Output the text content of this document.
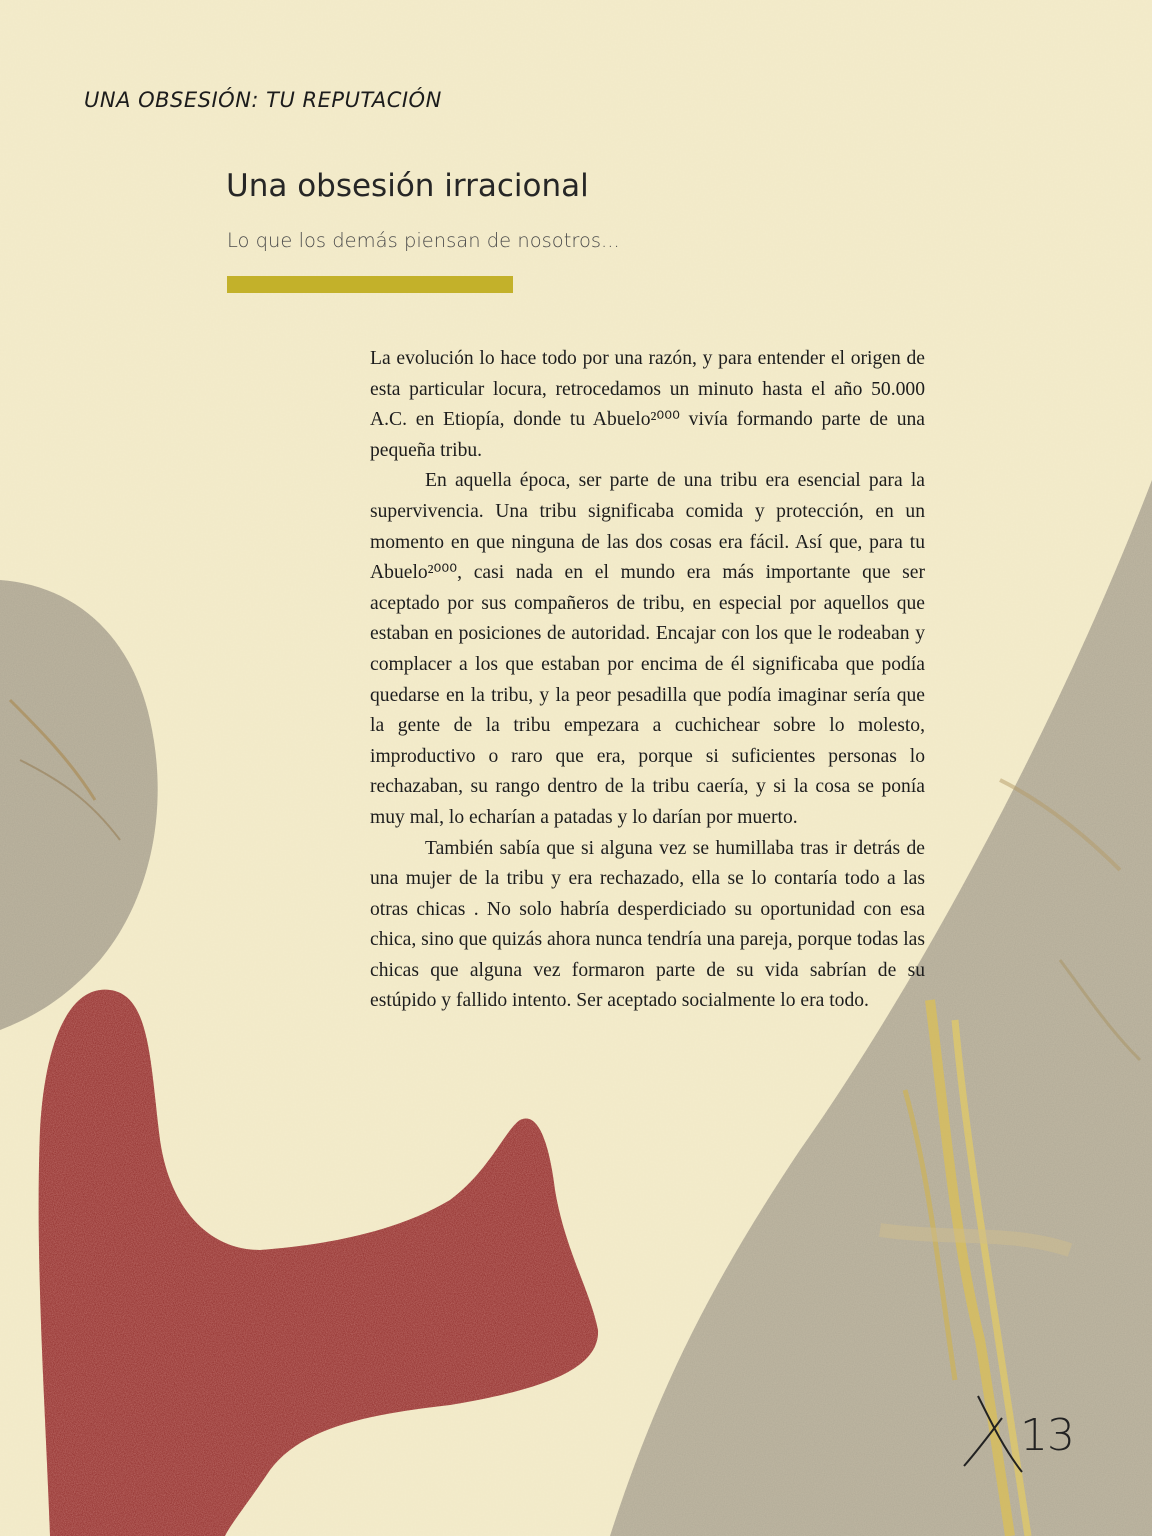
UNA OBSESIÓN: TU REPUTACIÓN
Una obsesión irracional
Lo que los demás piensan de nosotros...

La evolución lo hace todo por una razón, y para entender el origen de esta particular locura, retrocedamos un minuto hasta el año 50.000 A.C. en Etiopía, donde tu Abuelo²⁰⁰⁰ vivía formando parte de una pequeña tribu.

En aquella época, ser parte de una tribu era esencial para la supervivencia. Una tribu significaba comida y protección, en un momento en que ninguna de las dos cosas era fácil. Así que, para tu Abuelo²⁰⁰⁰, casi nada en el mundo era más importante que ser aceptado por sus compañeros de tribu, en especial por aquellos que estaban en posiciones de autoridad. Encajar con los que le rodeaban y complacer a los que estaban por encima de él significaba que podía quedarse en la tribu, y la peor pesadilla que podía imaginar sería que la gente de la tribu empezara a cuchichear sobre lo molesto, improductivo o raro que era, porque si suficientes personas lo rechazaban, su rango dentro de la tribu caería, y si la cosa se ponía muy mal, lo echarían a patadas y lo darían por muerto.

También sabía que si alguna vez se humillaba tras ir detrás de una mujer de la tribu y era rechazado, ella se lo contaría todo a las otras chicas . No solo habría desperdiciado su oportunidad con esa chica, sino que quizás ahora nunca tendría una pareja, porque todas las chicas que alguna vez formaron parte de su vida sabrían de su estúpido y fallido intento. Ser aceptado socialmente lo era todo.

13
